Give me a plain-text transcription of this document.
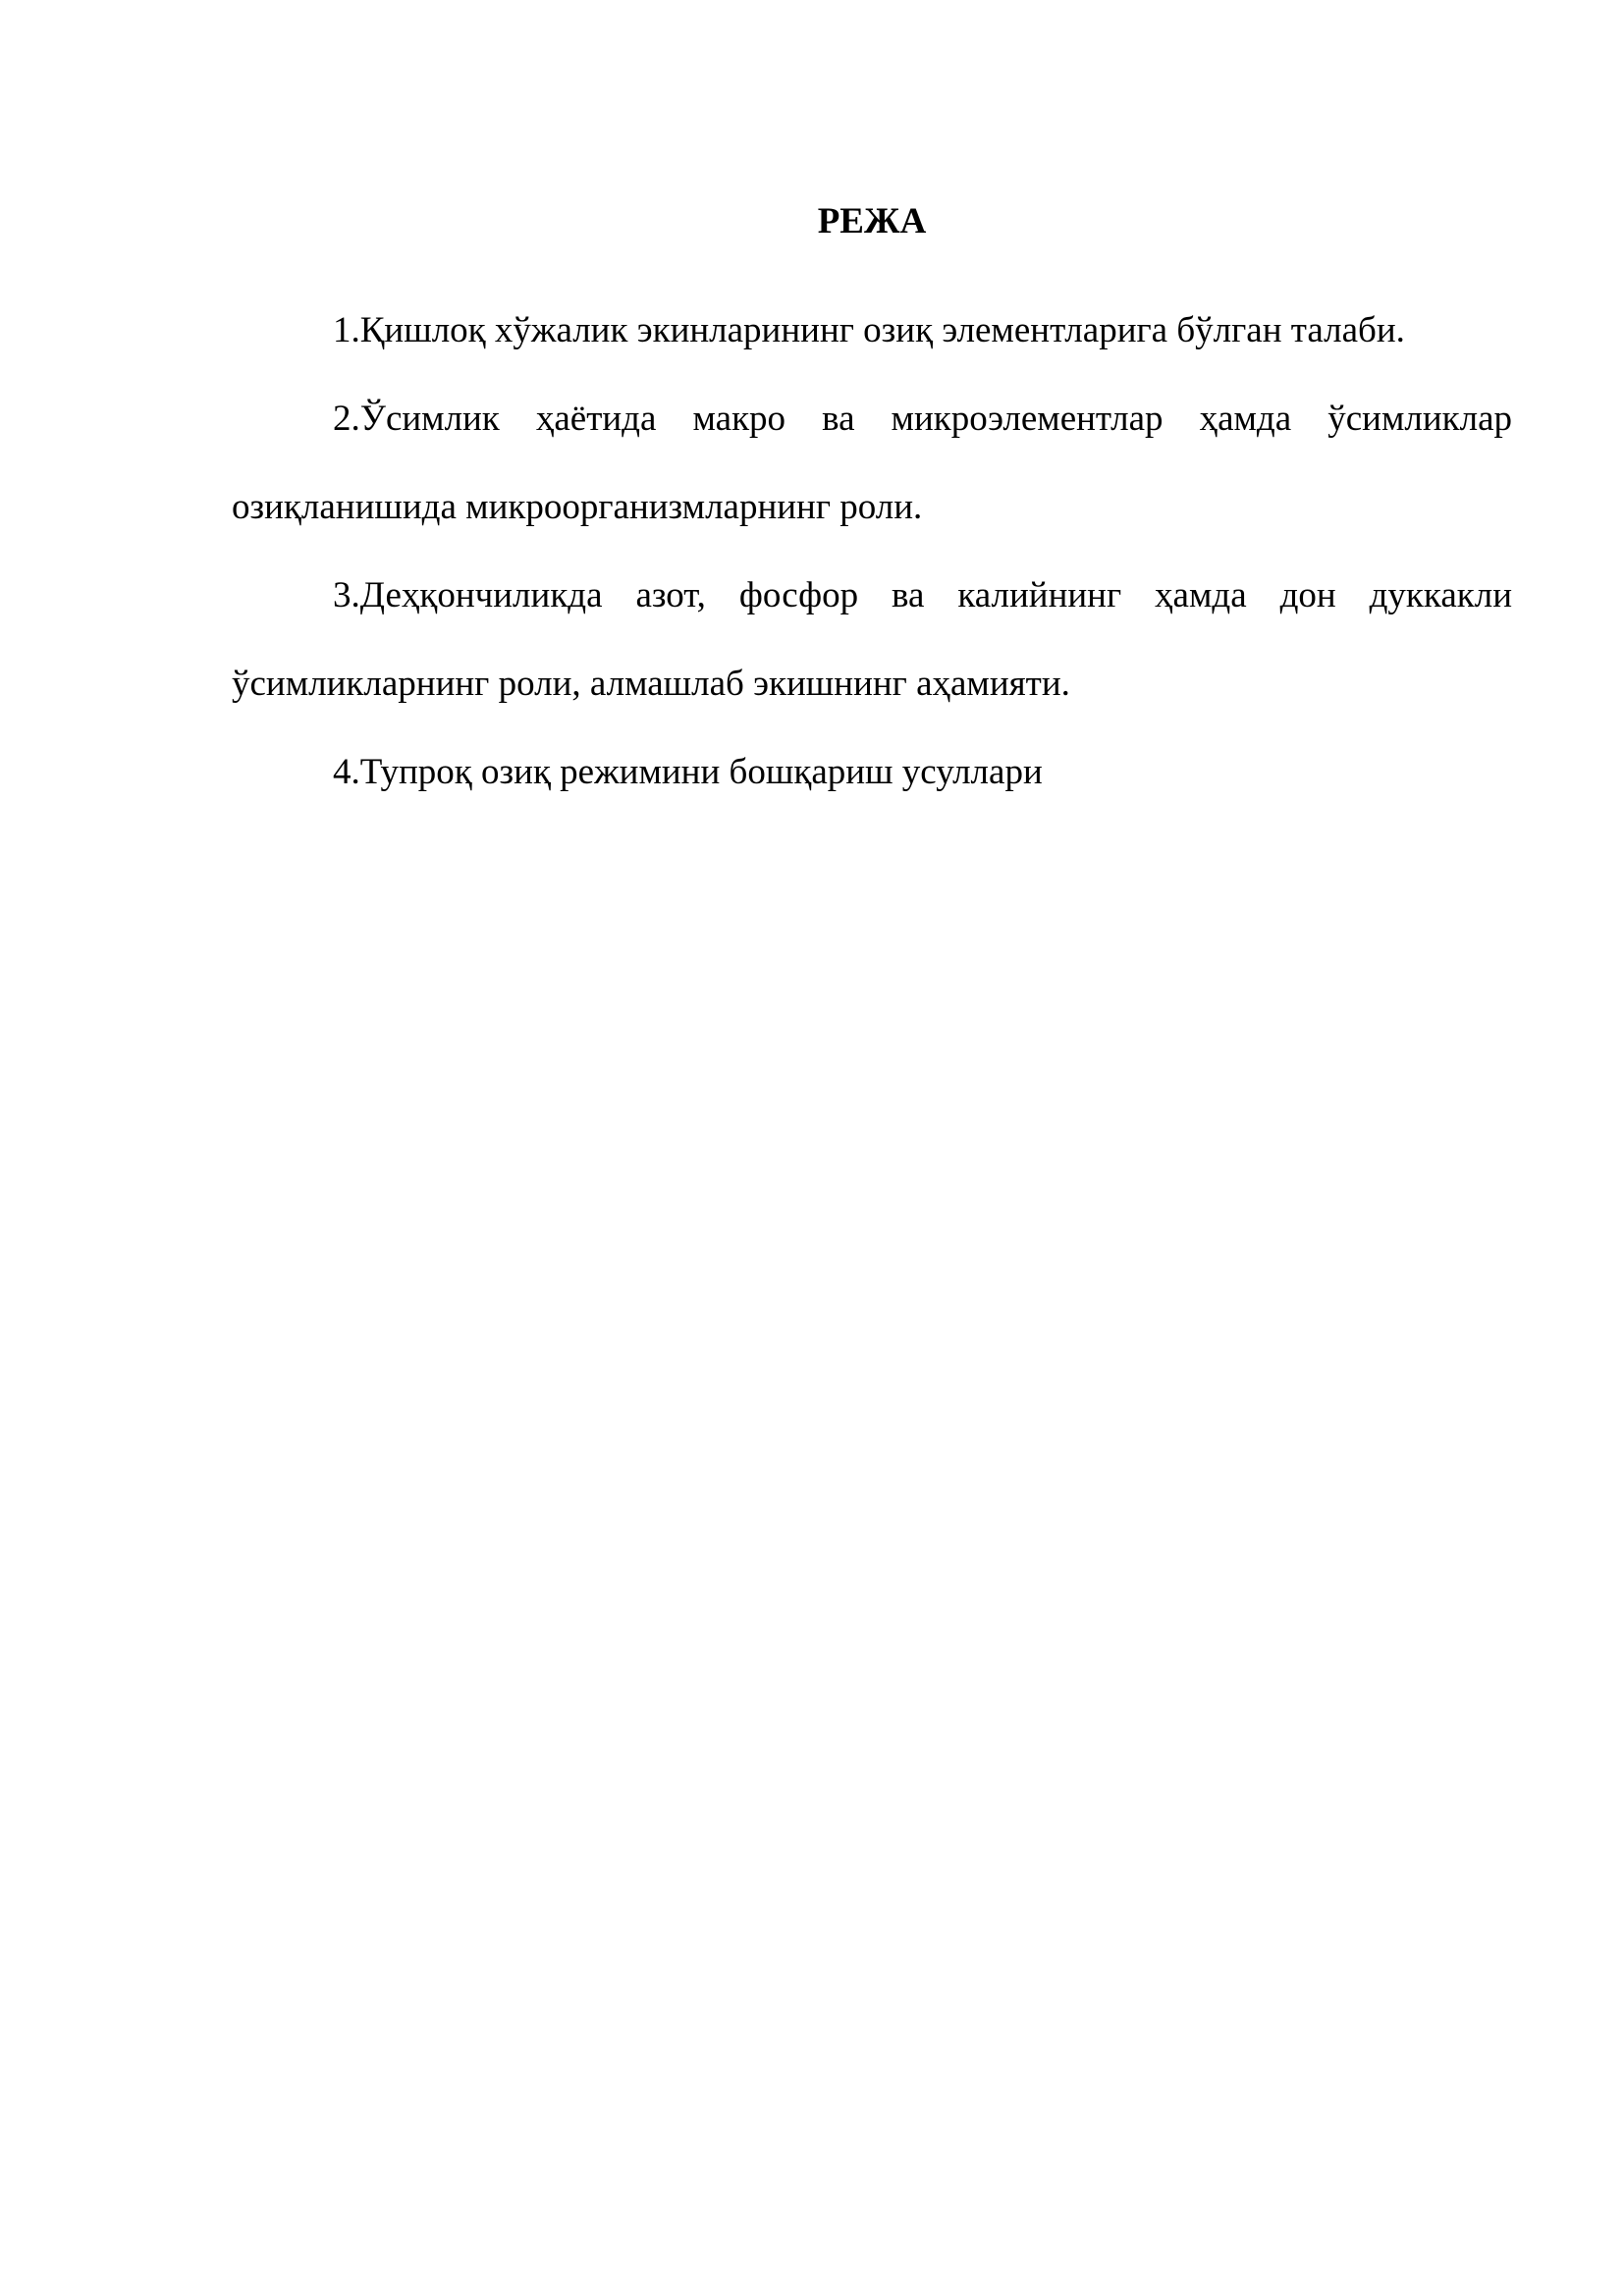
РЕЖА

1.Қишлоқ хўжалик экинларининг озиқ элементларига бўлган талаби.

2.Ўсимлик ҳаётида макро ва микроэлементлар ҳамда ўсимликлар озиқланишида микроорганизмларнинг роли.

3.Деҳқончиликда азот, фосфор ва калийнинг ҳамда дон дуккакли ўсимликларнинг роли, алмашлаб экишнинг аҳамияти.

4.Тупроқ озиқ режимини бошқариш усуллари
